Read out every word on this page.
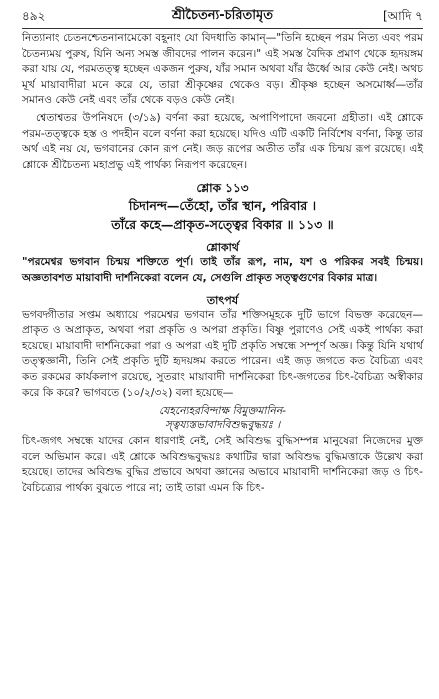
৪৯২	শ্রীচৈতন্য-চরিতামৃত	[আদি ৭

নিত্যানাং চেতনশ্চেতনানামেকো বহূনাং যো বিদধাতি কামান্‌—"তিনি হচ্ছেন পরম নিত্য এবং পরম চৈতন্যময় পুরুষ, যিনি অন্য সমস্ত জীবদের পালন করেন।" এই সমস্ত বৈদিক প্রমাণ থেকে হৃদয়ঙ্গম করা যায় যে, পরমতত্ত্ব হচ্ছেন একজন পুরুষ, যাঁর সমান অথবা যাঁর ঊর্ধ্বে আর কেউ নেই। অথচ মূর্খ মায়াবাদীরা মনে করে যে, তারা শ্রীকৃষ্ণের থেকেও বড়। শ্রীকৃষ্ণ হচ্ছেন অসমোর্ধ্ব—তাঁর সমানও কেউ নেই এবং তাঁর থেকে বড়ও কেউ নেই।

শ্বেতাশ্বতর উপনিষদে (৩/১৯) বর্ণনা করা হয়েছে, অপাণিপাদো জবনো গ্রহীতা। এই শ্লোকে পরম-তত্ত্বকে হস্ত ও পদহীন বলে বর্ণনা করা হয়েছে। যদিও এটি একটি নির্বিশেষ বর্ণনা, কিন্তু তার অর্থ এই নয় যে, ভগবানের কোন রূপ নেই। জড় রূপের অতীত তাঁর এক চিন্ময় রূপ রয়েছে। এই শ্লোকে শ্রীচৈতন্য মহাপ্রভু এই পার্থক্য নিরূপণ করেছেন।

শ্লোক ১১৩
চিদানন্দ—তেঁহো, তাঁর স্থান, পরিবার ।
তাঁরে কহে—প্রাকৃত-সত্ত্বের বিকার ॥ ১১৩ ॥
শ্লোকার্থ

"পরমেশ্বর ভগবান চিন্ময় শক্তিতে পূর্ণ। তাই তাঁর রূপ, নাম, যশ ও পরিকর সবই চিন্ময়। অজ্ঞতাবশত মায়াবাদী দার্শনিকেরা বলেন যে, সেগুলি প্রাকৃত সত্ত্বগুণের বিকার মাত্র।

তাৎপর্য

ভগবদ্গীতার সপ্তম অধ্যায়ে পরমেশ্বর ভগবান তাঁর শক্তিসমূহকে দুটি ভাগে বিভক্ত করেছেন—প্রাকৃত ও অপ্রাকৃত, অথবা পরা প্রকৃতি ও অপরা প্রকৃতি। বিষ্ণু পুরাণেও সেই একই পার্থক্য করা হয়েছে। মায়াবাদী দার্শনিকেরা পরা ও অপরা এই দুটি প্রকৃতি সম্বন্ধে সম্পূর্ণ অজ্ঞ। কিন্তু যিনি যথার্থ তত্ত্বজ্ঞানী, তিনি সেই প্রকৃতি দুটি হৃদয়ঙ্গম করতে পারেন। এই জড় জগতে কত বৈচিত্র্য এবং কত রকমের কার্যকলাপ রয়েছে, সুতরাং মায়াবাদী দার্শনিকেরা চিৎ-জগতের চিৎ-বৈচিত্র্য অস্বীকার করে কি করে? ভাগবতে (১০/২/৩২) বলা হয়েছে—

যেহন্যেহরবিন্দাক্ষ বিমুক্তমানিন-
স্ত্বয্যস্তভাবাদবিশুদ্ধবুদ্ধয়ঃ ।

চিৎ-জগৎ সম্বন্ধে যাদের কোন ধারণাই নেই, সেই অবিশুদ্ধ বুদ্ধিসম্পন্ন মানুষেরা নিজেদের মুক্ত বলে অভিমান করে। এই শ্লোকে অবিশুদ্ধবুদ্ধয়ঃ কথাটির দ্বারা অবিশুদ্ধ বুদ্ধিমত্তাকে উল্লেখ করা হয়েছে। তাদের অবিশুদ্ধ বুদ্ধির প্রভাবে অথবা জ্ঞানের অভাবে মায়াবাদী দার্শনিকেরা জড় ও চিৎ-বৈচিত্র্যের পার্থক্য বুঝতে পারে না; তাই তারা এমন কি চিৎ-
